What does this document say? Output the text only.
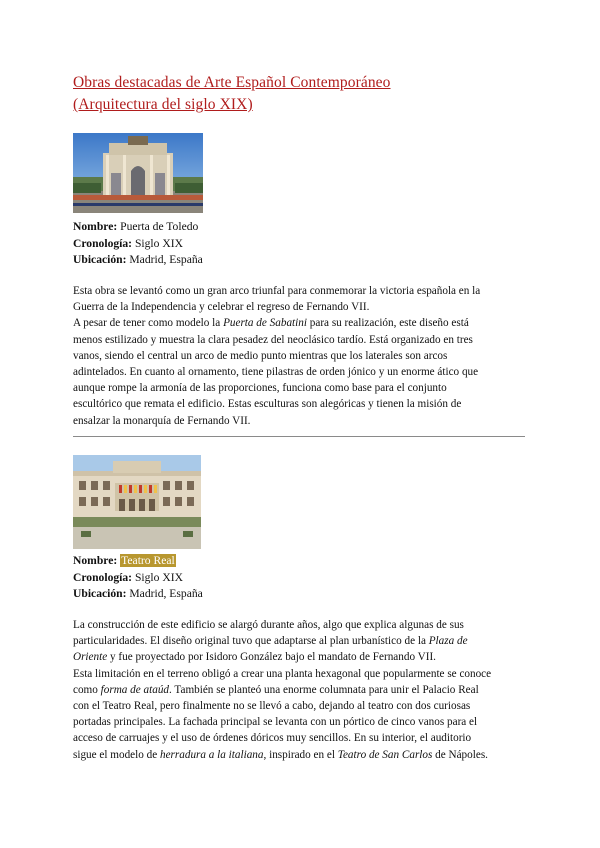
Obras destacadas de Arte Español Contemporáneo
(Arquitectura del siglo XIX)
Nombre: Puerta de Toledo
Cronología: Siglo XIX
Ubicación: Madrid, España
Esta obra se levantó como un gran arco triunfal para conmemorar la victoria española en la
Guerra de la Independencia y celebrar el regreso de Fernando VII.
A pesar de tener como modelo la Puerta de Sabatini para su realización, este diseño está
menos estilizado y muestra la clara pesadez del neoclásico tardío. Está organizado en tres
vanos, siendo el central un arco de medio punto mientras que los laterales son arcos
adintelados. En cuanto al ornamento, tiene pilastras de orden jónico y un enorme ático que
aunque rompe la armonía de las proporciones, funciona como base para el conjunto
escultórico que remata el edificio. Estas esculturas son alegóricas y tienen la misión de
ensalzar la monarquía de Fernando VII.
Nombre: Teatro Real
Cronología: Siglo XIX
Ubicación: Madrid, España
La construcción de este edificio se alargó durante años, algo que explica algunas de sus
particularidades. El diseño original tuvo que adaptarse al plan urbanístico de la Plaza de
Oriente y fue proyectado por Isidoro González bajo el mandato de Fernando VII.
Esta limitación en el terreno obligó a crear una planta hexagonal que popularmente se conoce
como forma de ataúd. También se planteó una enorme columnata para unir el Palacio Real
con el Teatro Real, pero finalmente no se llevó a cabo, dejando al teatro con dos curiosas
portadas principales. La fachada principal se levanta con un pórtico de cinco vanos para el
acceso de carruajes y el uso de órdenes dóricos muy sencillos. En su interior, el auditorio
sigue el modelo de herradura a la italiana, inspirado en el Teatro de San Carlos de Nápoles.
